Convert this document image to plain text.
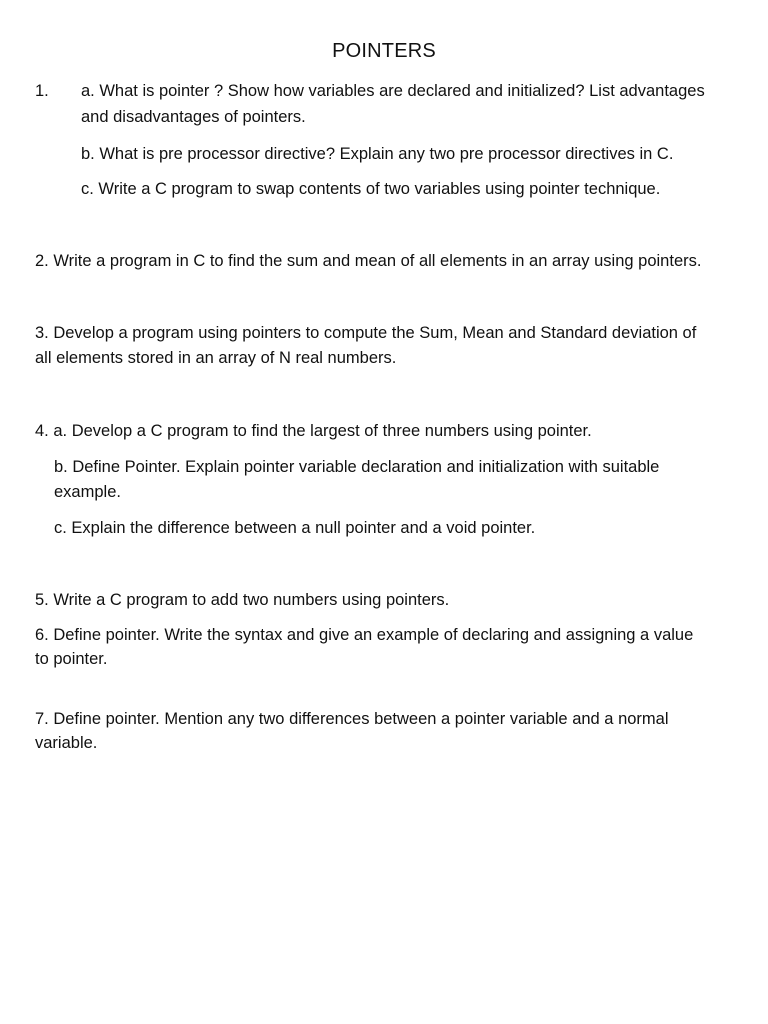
POINTERS
1. a. What is pointer ? Show how variables are declared and initialized? List advantages
and disadvantages of pointers.
b. What is pre processor directive? Explain any two pre processor directives in C.
c. Write a C program to swap contents of two variables using pointer technique.
2. Write a program in C to find the sum and mean of all elements in an array using pointers.
3. Develop a program using pointers to compute the Sum, Mean and Standard deviation of
all elements stored in an array of N real numbers.
4. a. Develop a C program to find the largest of three numbers using pointer.
b. Define Pointer. Explain pointer variable declaration and initialization with suitable
example.
c. Explain the difference between a null pointer and a void pointer.
5. Write a C program to add two numbers using pointers.
6. Define pointer. Write the syntax and give an example of declaring and assigning a value
to pointer.
7. Define pointer. Mention any two differences between a pointer variable and a normal
variable.
